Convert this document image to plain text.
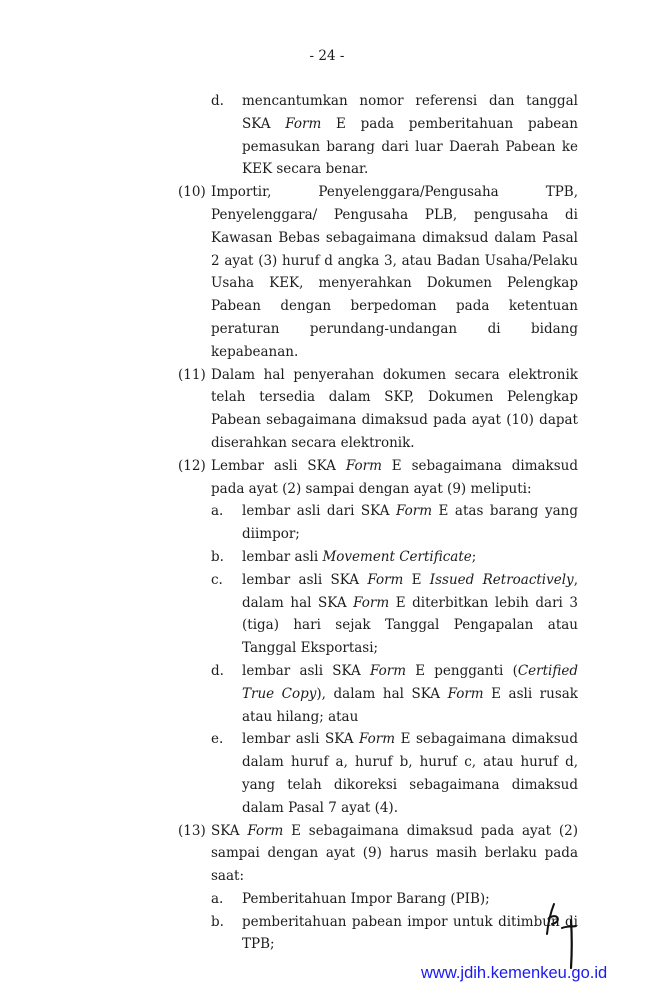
- 24 -
d.	mencantumkan nomor referensi dan tanggal SKA Form E pada pemberitahuan pabean pemasukan barang dari luar Daerah Pabean ke KEK secara benar.

(10) Importir, Penyelenggara/Pengusaha TPB, Penyelenggara/ Pengusaha PLB, pengusaha di Kawasan Bebas sebagaimana dimaksud dalam Pasal 2 ayat (3) huruf d angka 3, atau Badan Usaha/Pelaku Usaha KEK, menyerahkan Dokumen Pelengkap Pabean dengan berpedoman pada ketentuan peraturan perundang-undangan di bidang kepabeanan.

(11) Dalam hal penyerahan dokumen secara elektronik telah tersedia dalam SKP, Dokumen Pelengkap Pabean sebagaimana dimaksud pada ayat (10) dapat diserahkan secara elektronik.

(12) Lembar asli SKA Form E sebagaimana dimaksud pada ayat (2) sampai dengan ayat (9) meliputi:

a.	lembar asli dari SKA Form E atas barang yang diimpor;

b.	lembar asli Movement Certificate;

c.	lembar asli SKA Form E Issued Retroactively, dalam hal SKA Form E diterbitkan lebih dari 3 (tiga) hari sejak Tanggal Pengapalan atau Tanggal Eksportasi;

d.	lembar asli SKA Form E pengganti (Certified True Copy), dalam hal SKA Form E asli rusak atau hilang; atau

e.	lembar asli SKA Form E sebagaimana dimaksud dalam huruf a, huruf b, huruf c, atau huruf d, yang telah dikoreksi sebagaimana dimaksud dalam Pasal 7 ayat (4).

(13) SKA Form E sebagaimana dimaksud pada ayat (2) sampai dengan ayat (9) harus masih berlaku pada saat:

a.	Pemberitahuan Impor Barang (PIB);

b.	pemberitahuan pabean impor untuk ditimbun di TPB;

www.jdih.kemenkeu.go.id
